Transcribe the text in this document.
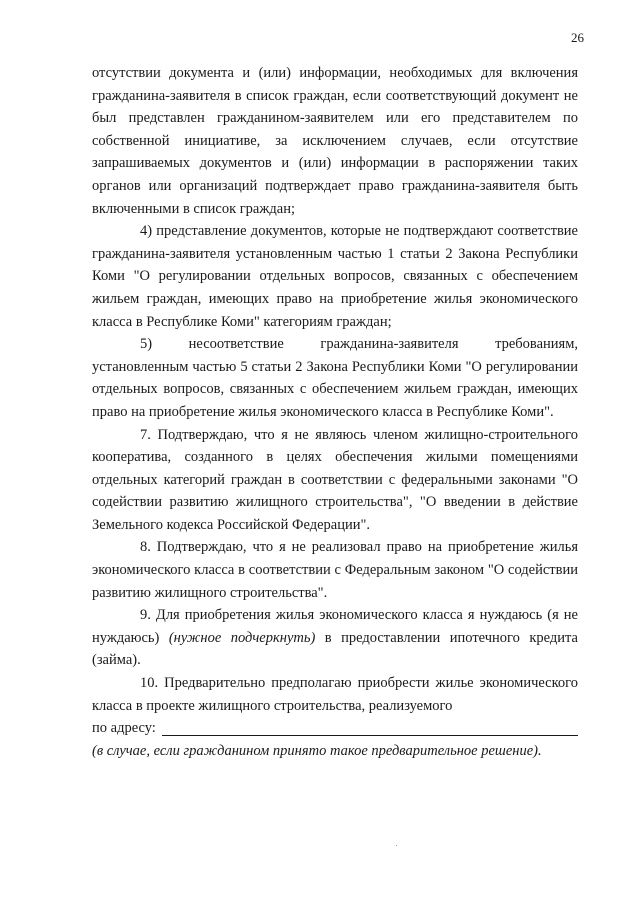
26

отсутствии документа и (или) информации, необходимых для включения гражданина-заявителя в список граждан, если соответствующий документ не был представлен гражданином-заявителем или его представителем по собственной инициативе, за исключением случаев, если отсутствие запрашиваемых документов и (или) информации в распоряжении таких органов или организаций подтверждает право гражданина-заявителя быть включенными в список граждан;

4) представление документов, которые не подтверждают соответствие гражданина-заявителя установленным частью 1 статьи 2 Закона Республики Коми "О регулировании отдельных вопросов, связанных с обеспечением жильем граждан, имеющих право на приобретение жилья экономического класса в Республике Коми" категориям граждан;

5) несоответствие гражданина-заявителя требованиям, установленным частью 5 статьи 2 Закона Республики Коми "О регулировании отдельных вопросов, связанных с обеспечением жильем граждан, имеющих право на приобретение жилья экономического класса в Республике Коми".

7. Подтверждаю, что я не являюсь членом жилищно-строительного кооператива, созданного в целях обеспечения жилыми помещениями отдельных категорий граждан в соответствии с федеральными законами "О содействии развитию жилищного строительства", "О введении в действие Земельного кодекса Российской Федерации".

8. Подтверждаю, что я не реализовал право на приобретение жилья экономического класса в соответствии с Федеральным законом "О содействии развитию жилищного строительства".

9. Для приобретения жилья экономического класса я нуждаюсь (я не нуждаюсь) (нужное подчеркнуть) в предоставлении ипотечного кредита (займа).

10. Предварительно предполагаю приобрести жилье экономического класса в проекте жилищного строительства, реализуемого

по адресу:

(в случае, если гражданином принято такое предварительное решение).
